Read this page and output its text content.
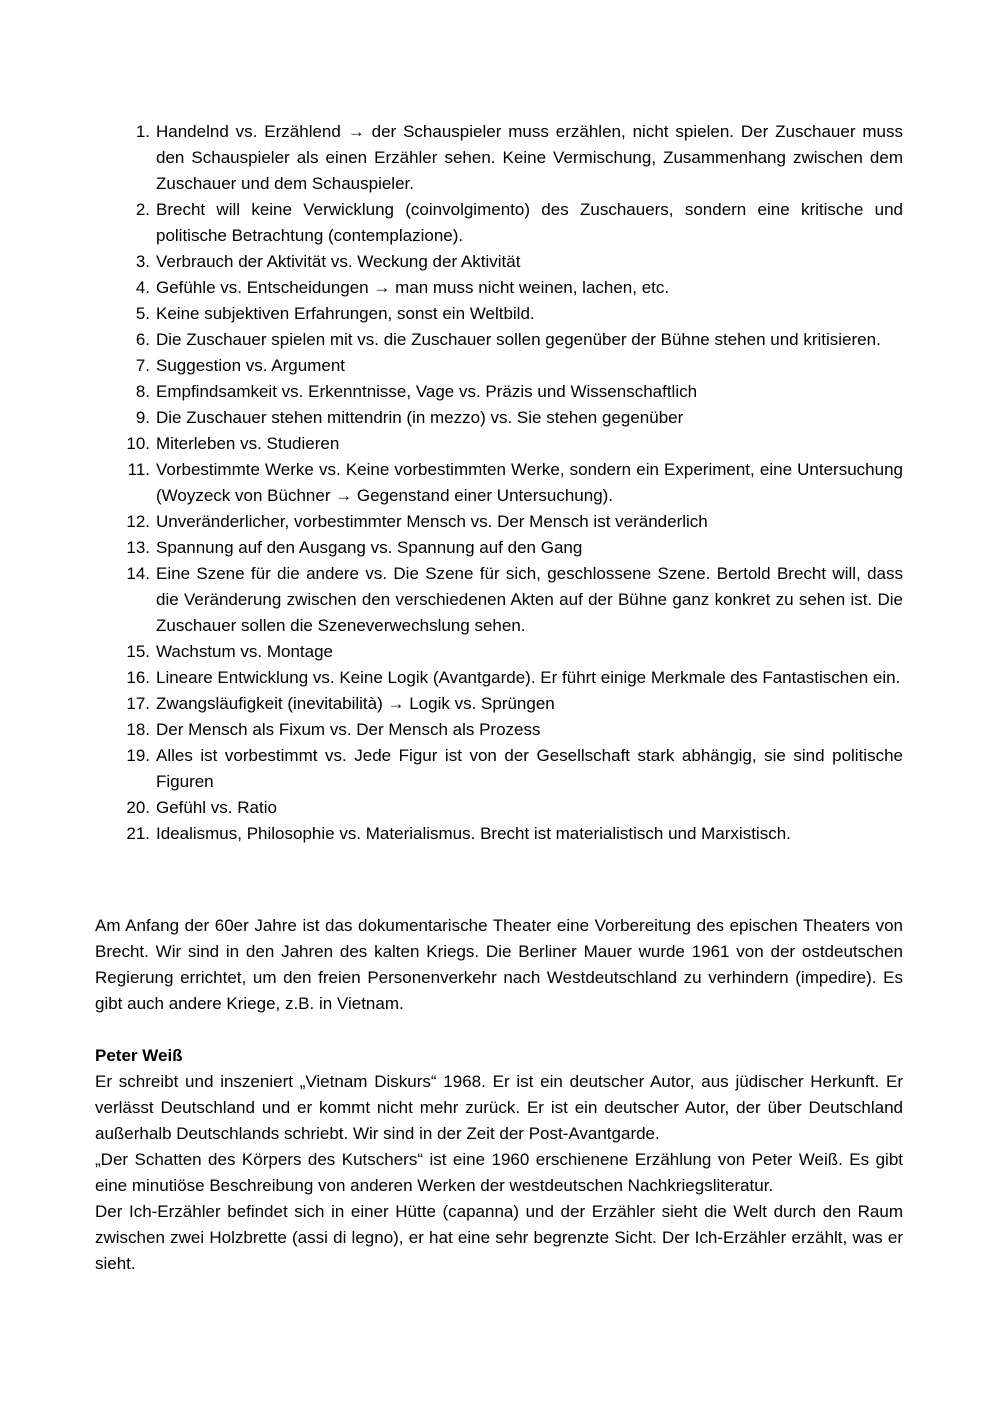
1. Handelnd vs. Erzählend → der Schauspieler muss erzählen, nicht spielen. Der Zuschauer muss den Schauspieler als einen Erzähler sehen. Keine Vermischung, Zusammenhang zwischen dem Zuschauer und dem Schauspieler.
2. Brecht will keine Verwicklung (coinvolgimento) des Zuschauers, sondern eine kritische und politische Betrachtung (contemplazione).
3. Verbrauch der Aktivität vs. Weckung der Aktivität
4. Gefühle vs. Entscheidungen → man muss nicht weinen, lachen, etc.
5. Keine subjektiven Erfahrungen, sonst ein Weltbild.
6. Die Zuschauer spielen mit vs. die Zuschauer sollen gegenüber der Bühne stehen und kritisieren.
7. Suggestion vs. Argument
8. Empfindsamkeit vs. Erkenntnisse, Vage vs. Präzis und Wissenschaftlich
9. Die Zuschauer stehen mittendrin (in mezzo) vs. Sie stehen gegenüber
10. Miterleben vs. Studieren
11. Vorbestimmte Werke vs. Keine vorbestimmten Werke, sondern ein Experiment, eine Untersuchung (Woyzeck von Büchner → Gegenstand einer Untersuchung).
12. Unveränderlicher, vorbestimmter Mensch vs. Der Mensch ist veränderlich
13. Spannung auf den Ausgang vs. Spannung auf den Gang
14. Eine Szene für die andere vs. Die Szene für sich, geschlossene Szene. Bertold Brecht will, dass die Veränderung zwischen den verschiedenen Akten auf der Bühne ganz konkret zu sehen ist. Die Zuschauer sollen die Szeneverwechslung sehen.
15. Wachstum vs. Montage
16. Lineare Entwicklung vs. Keine Logik (Avantgarde). Er führt einige Merkmale des Fantastischen ein.
17. Zwangsläufigkeit (inevitabilità) → Logik vs. Sprüngen
18. Der Mensch als Fixum vs. Der Mensch als Prozess
19. Alles ist vorbestimmt vs. Jede Figur ist von der Gesellschaft stark abhängig, sie sind politische Figuren
20. Gefühl vs. Ratio
21. Idealismus, Philosophie vs. Materialismus. Brecht ist materialistisch und Marxistisch.

Am Anfang der 60er Jahre ist das dokumentarische Theater eine Vorbereitung des epischen Theaters von Brecht. Wir sind in den Jahren des kalten Kriegs. Die Berliner Mauer wurde 1961 von der ostdeutschen Regierung errichtet, um den freien Personenverkehr nach Westdeutschland zu verhindern (impedire). Es gibt auch andere Kriege, z.B. in Vietnam.

Peter Weiß

Er schreibt und inszeniert „Vietnam Diskurs“ 1968. Er ist ein deutscher Autor, aus jüdischer Herkunft. Er verlässt Deutschland und er kommt nicht mehr zurück. Er ist ein deutscher Autor, der über Deutschland außerhalb Deutschlands schriebt. Wir sind in der Zeit der Post-Avantgarde.

„Der Schatten des Körpers des Kutschers“ ist eine 1960 erschienene Erzählung von Peter Weiß. Es gibt eine minutiöse Beschreibung von anderen Werken der westdeutschen Nachkriegsliteratur.

Der Ich-Erzähler befindet sich in einer Hütte (capanna) und der Erzähler sieht die Welt durch den Raum zwischen zwei Holzbrette (assi di legno), er hat eine sehr begrenzte Sicht. Der Ich-Erzähler erzählt, was er sieht.
